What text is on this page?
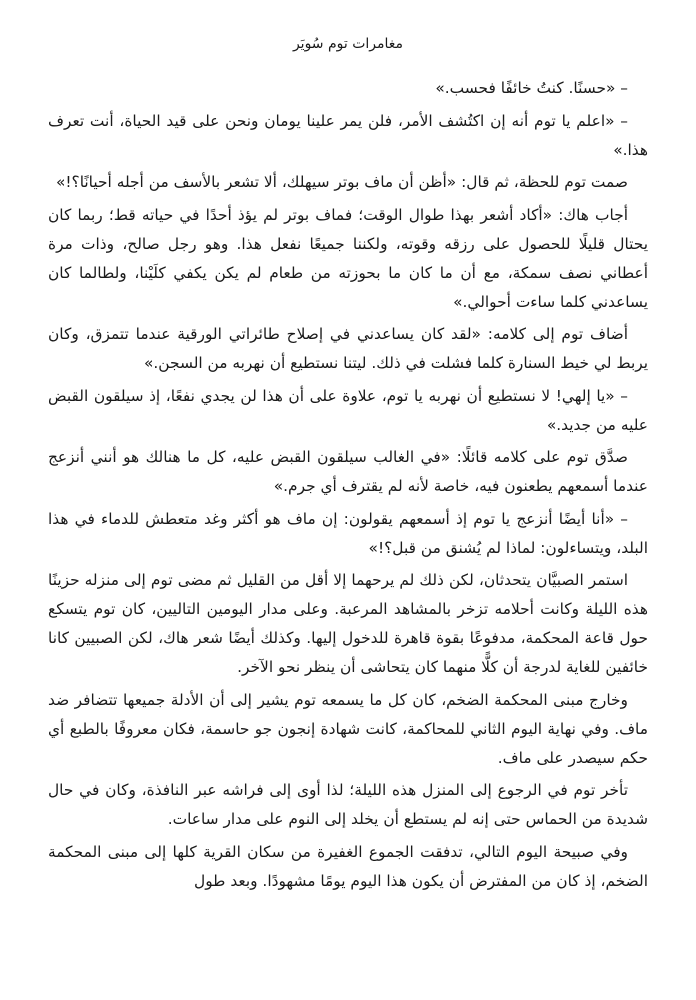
مغامرات توم سُويَر

– «حسنًا. كنتُ خائفًا فحسب.»

– «اعلم يا توم أنه إن اكتُشف الأمر، فلن يمر علينا يومان ونحن على قيد الحياة، أنت تعرف هذا.»

صمت توم للحظة، ثم قال: «أظن أن ماف بوتر سيهلك، ألا تشعر بالأسف من أجله أحيانًا؟!»

أجاب هاك: «أكاد أشعر بهذا طوال الوقت؛ فماف بوتر لم يؤذ أحدًا في حياته قط؛ ربما كان يحتال قليلًا للحصول على رزقه وقوته، ولكننا جميعًا نفعل هذا. وهو رجل صالح، وذات مرة أعطاني نصف سمكة، مع أن ما كان ما بحوزته من طعام لم يكن يكفي كلَيْنا، ولطالما كان يساعدني كلما ساءت أحوالي.»

أضاف توم إلى كلامه: «لقد كان يساعدني في إصلاح طائراتي الورقية عندما تتمزق، وكان يربط لي خيط السنارة كلما فشلت في ذلك. ليتنا نستطيع أن نهربه من السجن.»

– «يا إلهي! لا نستطيع أن نهربه يا توم، علاوة على أن هذا لن يجدي نفعًا، إذ سيلقون القبض عليه من جديد.»

صدَّق توم على كلامه قائلًا: «في الغالب سيلقون القبض عليه، كل ما هنالك هو أنني أنزعج عندما أسمعهم يطعنون فيه، خاصة لأنه لم يقترف أي جرم.»

– «أنا أيضًا أنزعج يا توم إذ أسمعهم يقولون: إن ماف هو أكثر وغد متعطش للدماء في هذا البلد، ويتساءلون: لماذا لم يُشنق من قبل؟!»

استمر الصبيَّان يتحدثان، لكن ذلك لم يرحهما إلا أقل من القليل ثم مضى توم إلى منزله حزينًا هذه الليلة وكانت أحلامه تزخر بالمشاهد المرعبة. وعلى مدار اليومين التاليين، كان توم يتسكع حول قاعة المحكمة، مدفوعًا بقوة قاهرة للدخول إليها. وكذلك أيضًا شعر هاك، لكن الصبيين كانا خائفين للغاية لدرجة أن كلًّا منهما كان يتحاشى أن ينظر نحو الآخر.

وخارج مبنى المحكمة الضخم، كان كل ما يسمعه توم يشير إلى أن الأدلة جميعها تتضافر ضد ماف. وفي نهاية اليوم الثاني للمحاكمة، كانت شهادة إنجون جو حاسمة، فكان معروفًا بالطبع أي حكم سيصدر على ماف.

تأخر توم في الرجوع إلى المنزل هذه الليلة؛ لذا أوى إلى فراشه عبر النافذة، وكان في حال شديدة من الحماس حتى إنه لم يستطع أن يخلد إلى النوم على مدار ساعات.

وفي صبيحة اليوم التالي، تدفقت الجموع الغفيرة من سكان القرية كلها إلى مبنى المحكمة الضخم، إذ كان من المفترض أن يكون هذا اليوم يومًا مشهودًا. وبعد طول
